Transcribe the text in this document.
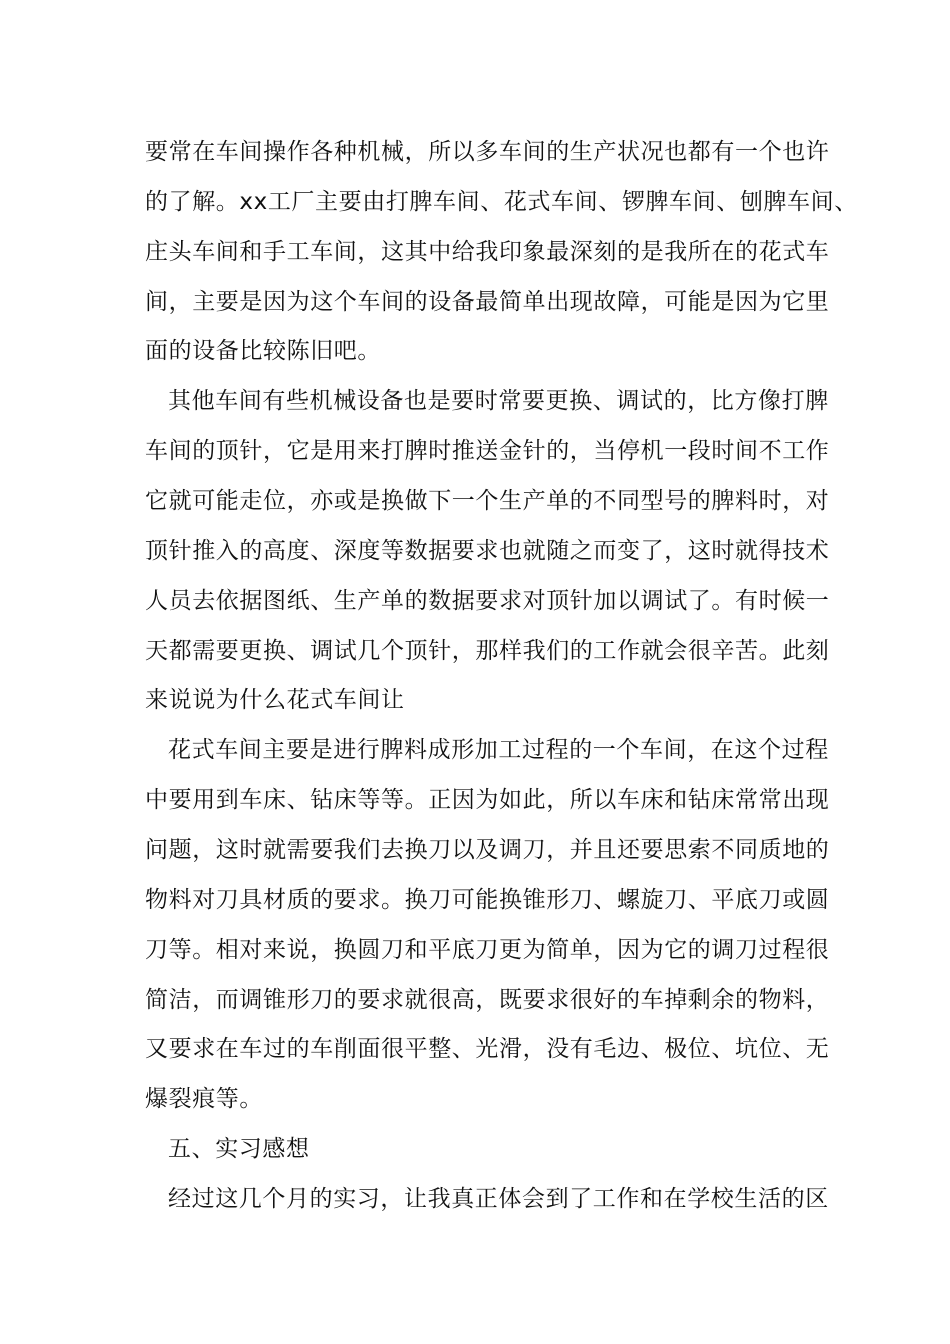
要常在车间操作各种机械，所以多车间的生产状况也都有一个也许

的了解。xx工厂主要由打脾车间、花式车间、锣脾车间、刨脾车间、

庄头车间和手工车间，这其中给我印象最深刻的是我所在的花式车

间，主要是因为这个车间的设备最简单出现故障，可能是因为它里

面的设备比较陈旧吧。

其他车间有些机械设备也是要时常要更换、调试的，比方像打脾

车间的顶针，它是用来打脾时推送金针的，当停机一段时间不工作

它就可能走位，亦或是换做下一个生产单的不同型号的脾料时，对

顶针推入的高度、深度等数据要求也就随之而变了，这时就得技术

人员去依据图纸、生产单的数据要求对顶针加以调试了。有时候一

天都需要更换、调试几个顶针，那样我们的工作就会很辛苦。此刻

来说说为什么花式车间让

花式车间主要是进行脾料成形加工过程的一个车间，在这个过程

中要用到车床、钻床等等。正因为如此，所以车床和钻床常常出现

问题，这时就需要我们去换刀以及调刀，并且还要思索不同质地的

物料对刀具材质的要求。换刀可能换锥形刀、螺旋刀、平底刀或圆

刀等。相对来说，换圆刀和平底刀更为简单，因为它的调刀过程很

简洁，而调锥形刀的要求就很高，既要求很好的车掉剩余的物料，

又要求在车过的车削面很平整、光滑，没有毛边、极位、坑位、无

爆裂痕等。

五、实习感想

经过这几个月的实习，让我真正体会到了工作和在学校生活的区
